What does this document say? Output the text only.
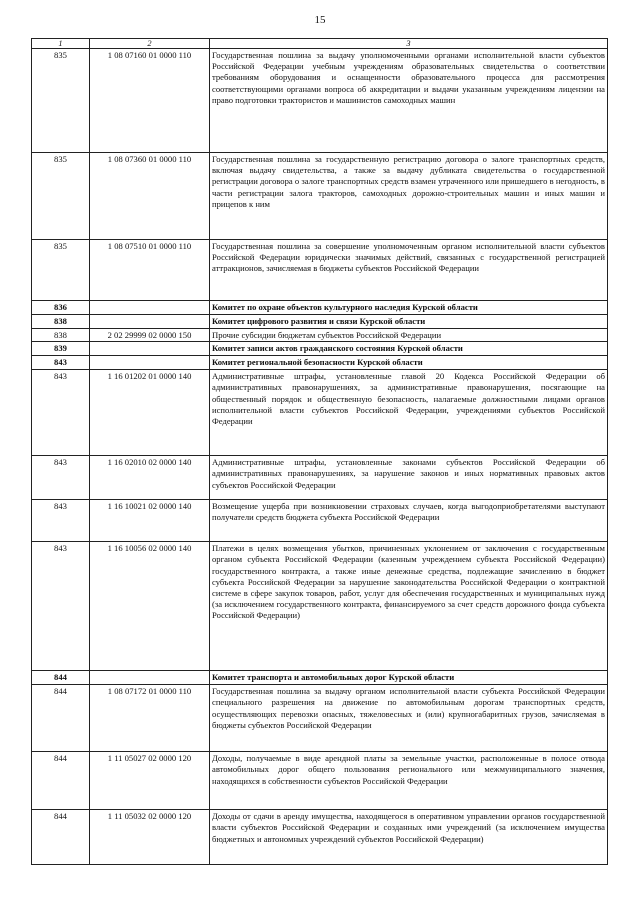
15
1	2	3
835	1 08 07160 01 0000 110	Государственная пошлина за выдачу уполномоченными органами исполнительной власти субъектов Российской Федерации учебным учреждениям образовательных свидетельства о соответствии требованиям оборудования и оснащенности образовательного процесса для рассмотрения соответствующими органами вопроса об аккредитации и выдачи указанным учреждениям лицензии на право подготовки трактористов и машинистов самоходных машин
835	1 08 07360 01 0000 110	Государственная пошлина за государственную регистрацию договора о залоге транспортных средств, включая выдачу свидетельства, а также за выдачу дубликата свидетельства о государственной регистрации договора о залоге транспортных средств взамен утраченного или пришедшего в негодность, в части регистрации залога тракторов, самоходных дорожно-строительных машин и иных машин и прицепов к ним
835	1 08 07510 01 0000 110	Государственная пошлина за совершение уполномоченным органом исполнительной власти субъектов Российской Федерации юридически значимых действий, связанных с государственной регистрацией аттракционов, зачисляемая в бюджеты субъектов Российской Федерации
836		Комитет по охране объектов культурного наследия Курской области
838		Комитет цифрового развития и связи Курской области
838	2 02 29999 02 0000 150	Прочие субсидии бюджетам субъектов Российской Федерации
839		Комитет записи актов гражданского состояния Курской области
843		Комитет региональной безопасности Курской области
843	1 16 01202 01 0000 140	Административные штрафы, установленные главой 20 Кодекса Российской Федерации об административных правонарушениях, за административные правонарушения, посягающие на общественный порядок и общественную безопасность, налагаемые должностными лицами органов исполнительной власти субъектов Российской Федерации, учреждениями субъектов Российской Федерации
843	1 16 02010 02 0000 140	Административные штрафы, установленные законами субъектов Российской Федерации об административных правонарушениях, за нарушение законов и иных нормативных правовых актов субъектов Российской Федерации
843	1 16 10021 02 0000 140	Возмещение ущерба при возникновении страховых случаев, когда выгодоприобретателями выступают получатели средств бюджета субъекта Российской Федерации
843	1 16 10056 02 0000 140	Платежи в целях возмещения убытков, причиненных уклонением от заключения с государственным органом субъекта Российской Федерации (казенным учреждением субъекта Российской Федерации) государственного контракта, а также иные денежные средства, подлежащие зачислению в бюджет субъекта Российской Федерации за нарушение законодательства Российской Федерации о контрактной системе в сфере закупок товаров, работ, услуг для обеспечения государственных и муниципальных нужд (за исключением государственного контракта, финансируемого за счет средств дорожного фонда субъекта Российской Федерации)
844		Комитет транспорта и автомобильных дорог Курской области
844	1 08 07172 01 0000 110	Государственная пошлина за выдачу органом исполнительной власти субъекта Российской Федерации специального разрешения на движение по автомобильным дорогам транспортных средств, осуществляющих перевозки опасных, тяжеловесных и (или) крупногабаритных грузов, зачисляемая в бюджеты субъектов Российской Федерации
844	1 11 05027 02 0000 120	Доходы, получаемые в виде арендной платы за земельные участки, расположенные в полосе отвода автомобильных дорог общего пользования регионального или межмуниципального значения, находящихся в собственности субъектов Российской Федерации
844	1 11 05032 02 0000 120	Доходы от сдачи в аренду имущества, находящегося в оперативном управлении органов государственной власти субъектов Российской Федерации и созданных ими учреждений (за исключением имущества бюджетных и автономных учреждений субъектов Российской Федерации)
